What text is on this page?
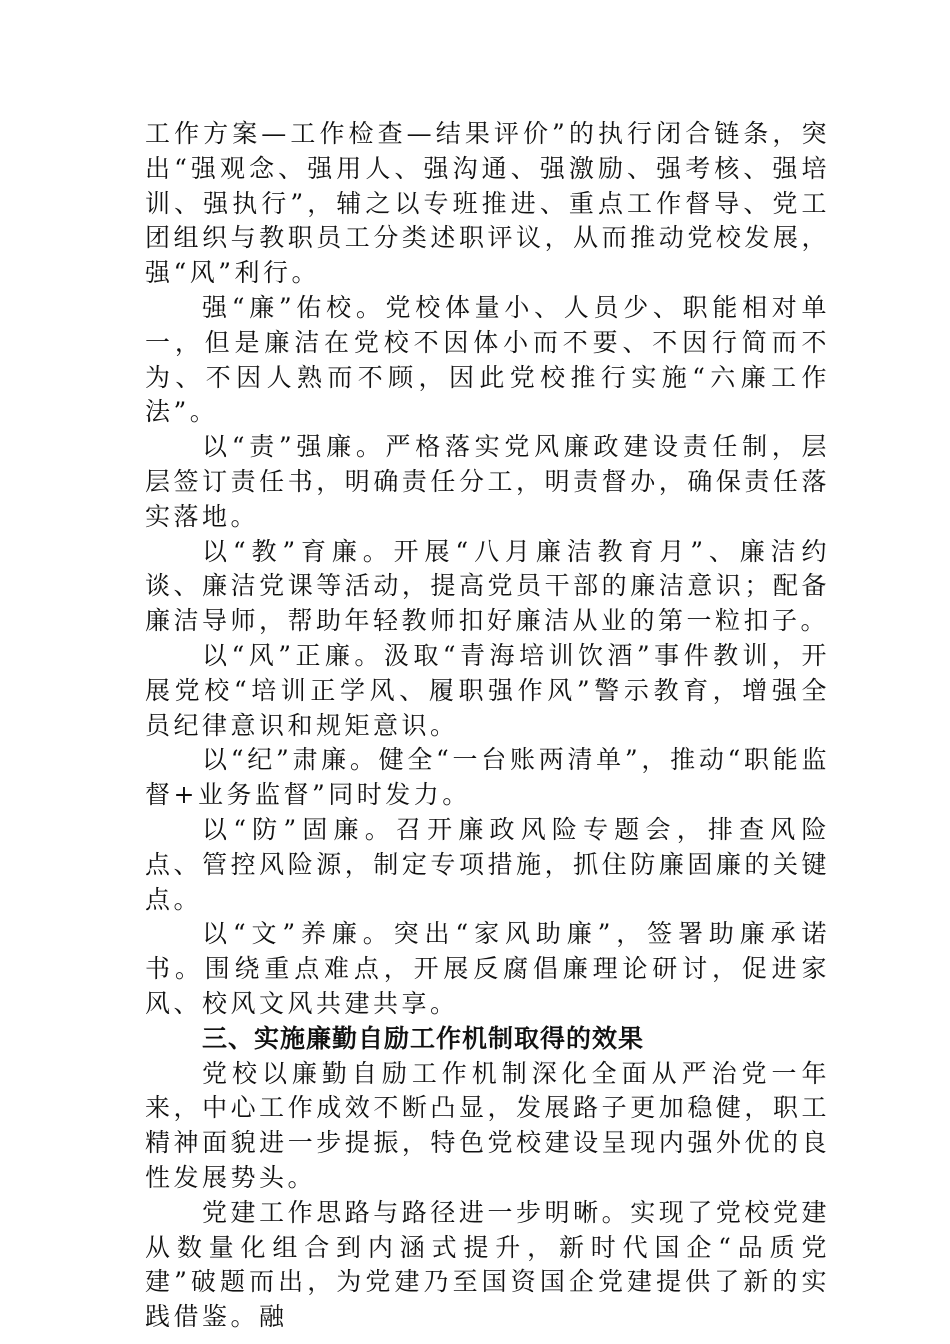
工作方案—工作检查—结果评价”的执行闭合链条，突出“强观念、强用人、强沟通、强激励、强考核、强培训、强执行”，辅之以专班推进、重点工作督导、党工团组织与教职员工分类述职评议，从而推动党校发展，强“风”利行。

强“廉”佑校。党校体量小、人员少、职能相对单一，但是廉洁在党校不因体小而不要、不因行简而不为、不因人熟而不顾，因此党校推行实施“六廉工作法”。

以“责”强廉。严格落实党风廉政建设责任制，层层签订责任书，明确责任分工，明责督办，确保责任落实落地。

以“教”育廉。开展“八月廉洁教育月”、廉洁约谈、廉洁党课等活动，提高党员干部的廉洁意识；配备廉洁导师，帮助年轻教师扣好廉洁从业的第一粒扣子。

以“风”正廉。汲取“青海培训饮酒”事件教训，开展党校“培训正学风、履职强作风”警示教育，增强全员纪律意识和规矩意识。

以“纪”肃廉。健全“一台账两清单”，推动“职能监督+业务监督”同时发力。

以“防”固廉。召开廉政风险专题会，排查风险点、管控风险源，制定专项措施，抓住防廉固廉的关键点。

以“文”养廉。突出“家风助廉”，签署助廉承诺书。围绕重点难点，开展反腐倡廉理论研讨，促进家风、校风文风共建共享。

三、实施廉勤自励工作机制取得的效果

党校以廉勤自励工作机制深化全面从严治党一年来，中心工作成效不断凸显，发展路子更加稳健，职工精神面貌进一步提振，特色党校建设呈现内强外优的良性发展势头。

党建工作思路与路径进一步明晰。实现了党校党建从数量化组合到内涵式提升，新时代国企“品质党建”破题而出，为党建乃至国资国企党建提供了新的实践借鉴。融
